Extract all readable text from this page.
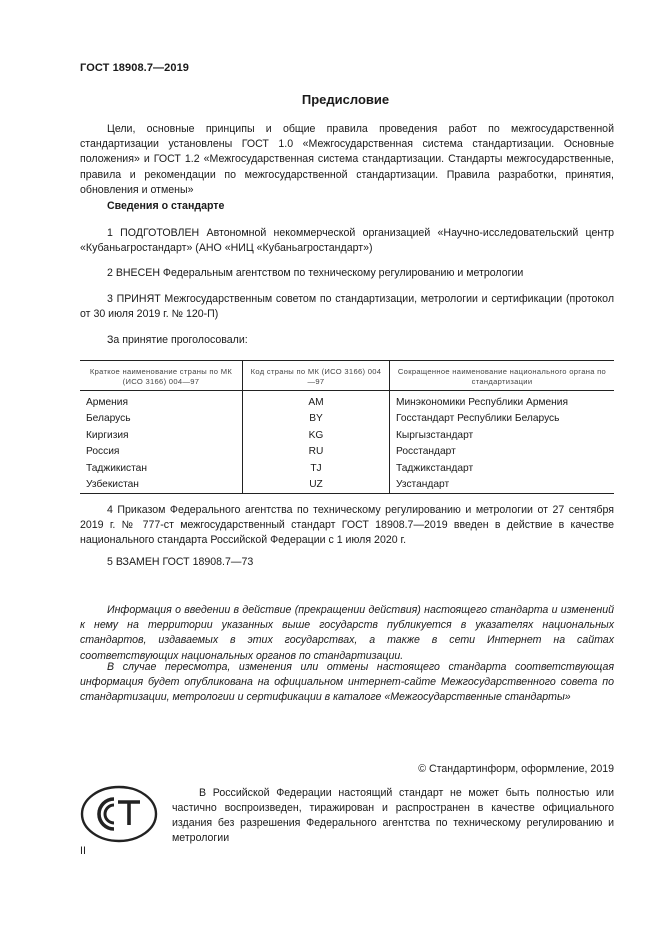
ГОСТ 18908.7—2019
Предисловие
Цели, основные принципы и общие правила проведения работ по межгосударственной стандартизации установлены ГОСТ 1.0 «Межгосударственная система стандартизации. Основные положения» и ГОСТ 1.2 «Межгосударственная система стандартизации. Стандарты межгосударственные, правила и рекомендации по межгосударственной стандартизации. Правила разработки, принятия, обновления и отмены»
Сведения о стандарте
1 ПОДГОТОВЛЕН Автономной некоммерческой организацией «Научно-исследовательский центр «Кубаньагростандарт» (АНО «НИЦ «Кубаньагростандарт»)
2 ВНЕСЕН Федеральным агентством по техническому регулированию и метрологии
3 ПРИНЯТ Межгосударственным советом по стандартизации, метрологии и сертификации (протокол от 30 июля 2019 г. № 120-П)
За принятие проголосовали:
Краткое наименование страны по МК (ИСО 3166) 004—97	Код страны по МК (ИСО 3166) 004—97	Сокращенное наименование национального органа по стандартизации

Армения	AM	Минэкономики Республики Армения
Беларусь	BY	Госстандарт Республики Беларусь
Киргизия	KG	Кыргызстандарт
Россия	RU	Росстандарт
Таджикистан	TJ	Таджикстандарт
Узбекистан	UZ	Узстандарт
4 Приказом Федерального агентства по техническому регулированию и метрологии от 27 сентября 2019 г. № 777-ст межгосударственный стандарт ГОСТ 18908.7—2019 введен в действие в качестве национального стандарта Российской Федерации с 1 июля 2020 г.
5 ВЗАМЕН ГОСТ 18908.7—73
Информация о введении в действие (прекращении действия) настоящего стандарта и изменений к нему на территории указанных выше государств публикуется в указателях национальных стандартов, издаваемых в этих государствах, а также в сети Интернет на сайтах соответствующих национальных органов по стандартизации.
В случае пересмотра, изменения или отмены настоящего стандарта соответствующая информация будет опубликована на официальном интернет-сайте Межгосударственного совета по стандартизации, метрологии и сертификации в каталоге «Межгосударственные стандарты»
© Стандартинформ, оформление, 2019
В Российской Федерации настоящий стандарт не может быть полностью или частично воспроизведен, тиражирован и распространен в качестве официального издания без разрешения Федерального агентства по техническому регулированию и метрологии
II
